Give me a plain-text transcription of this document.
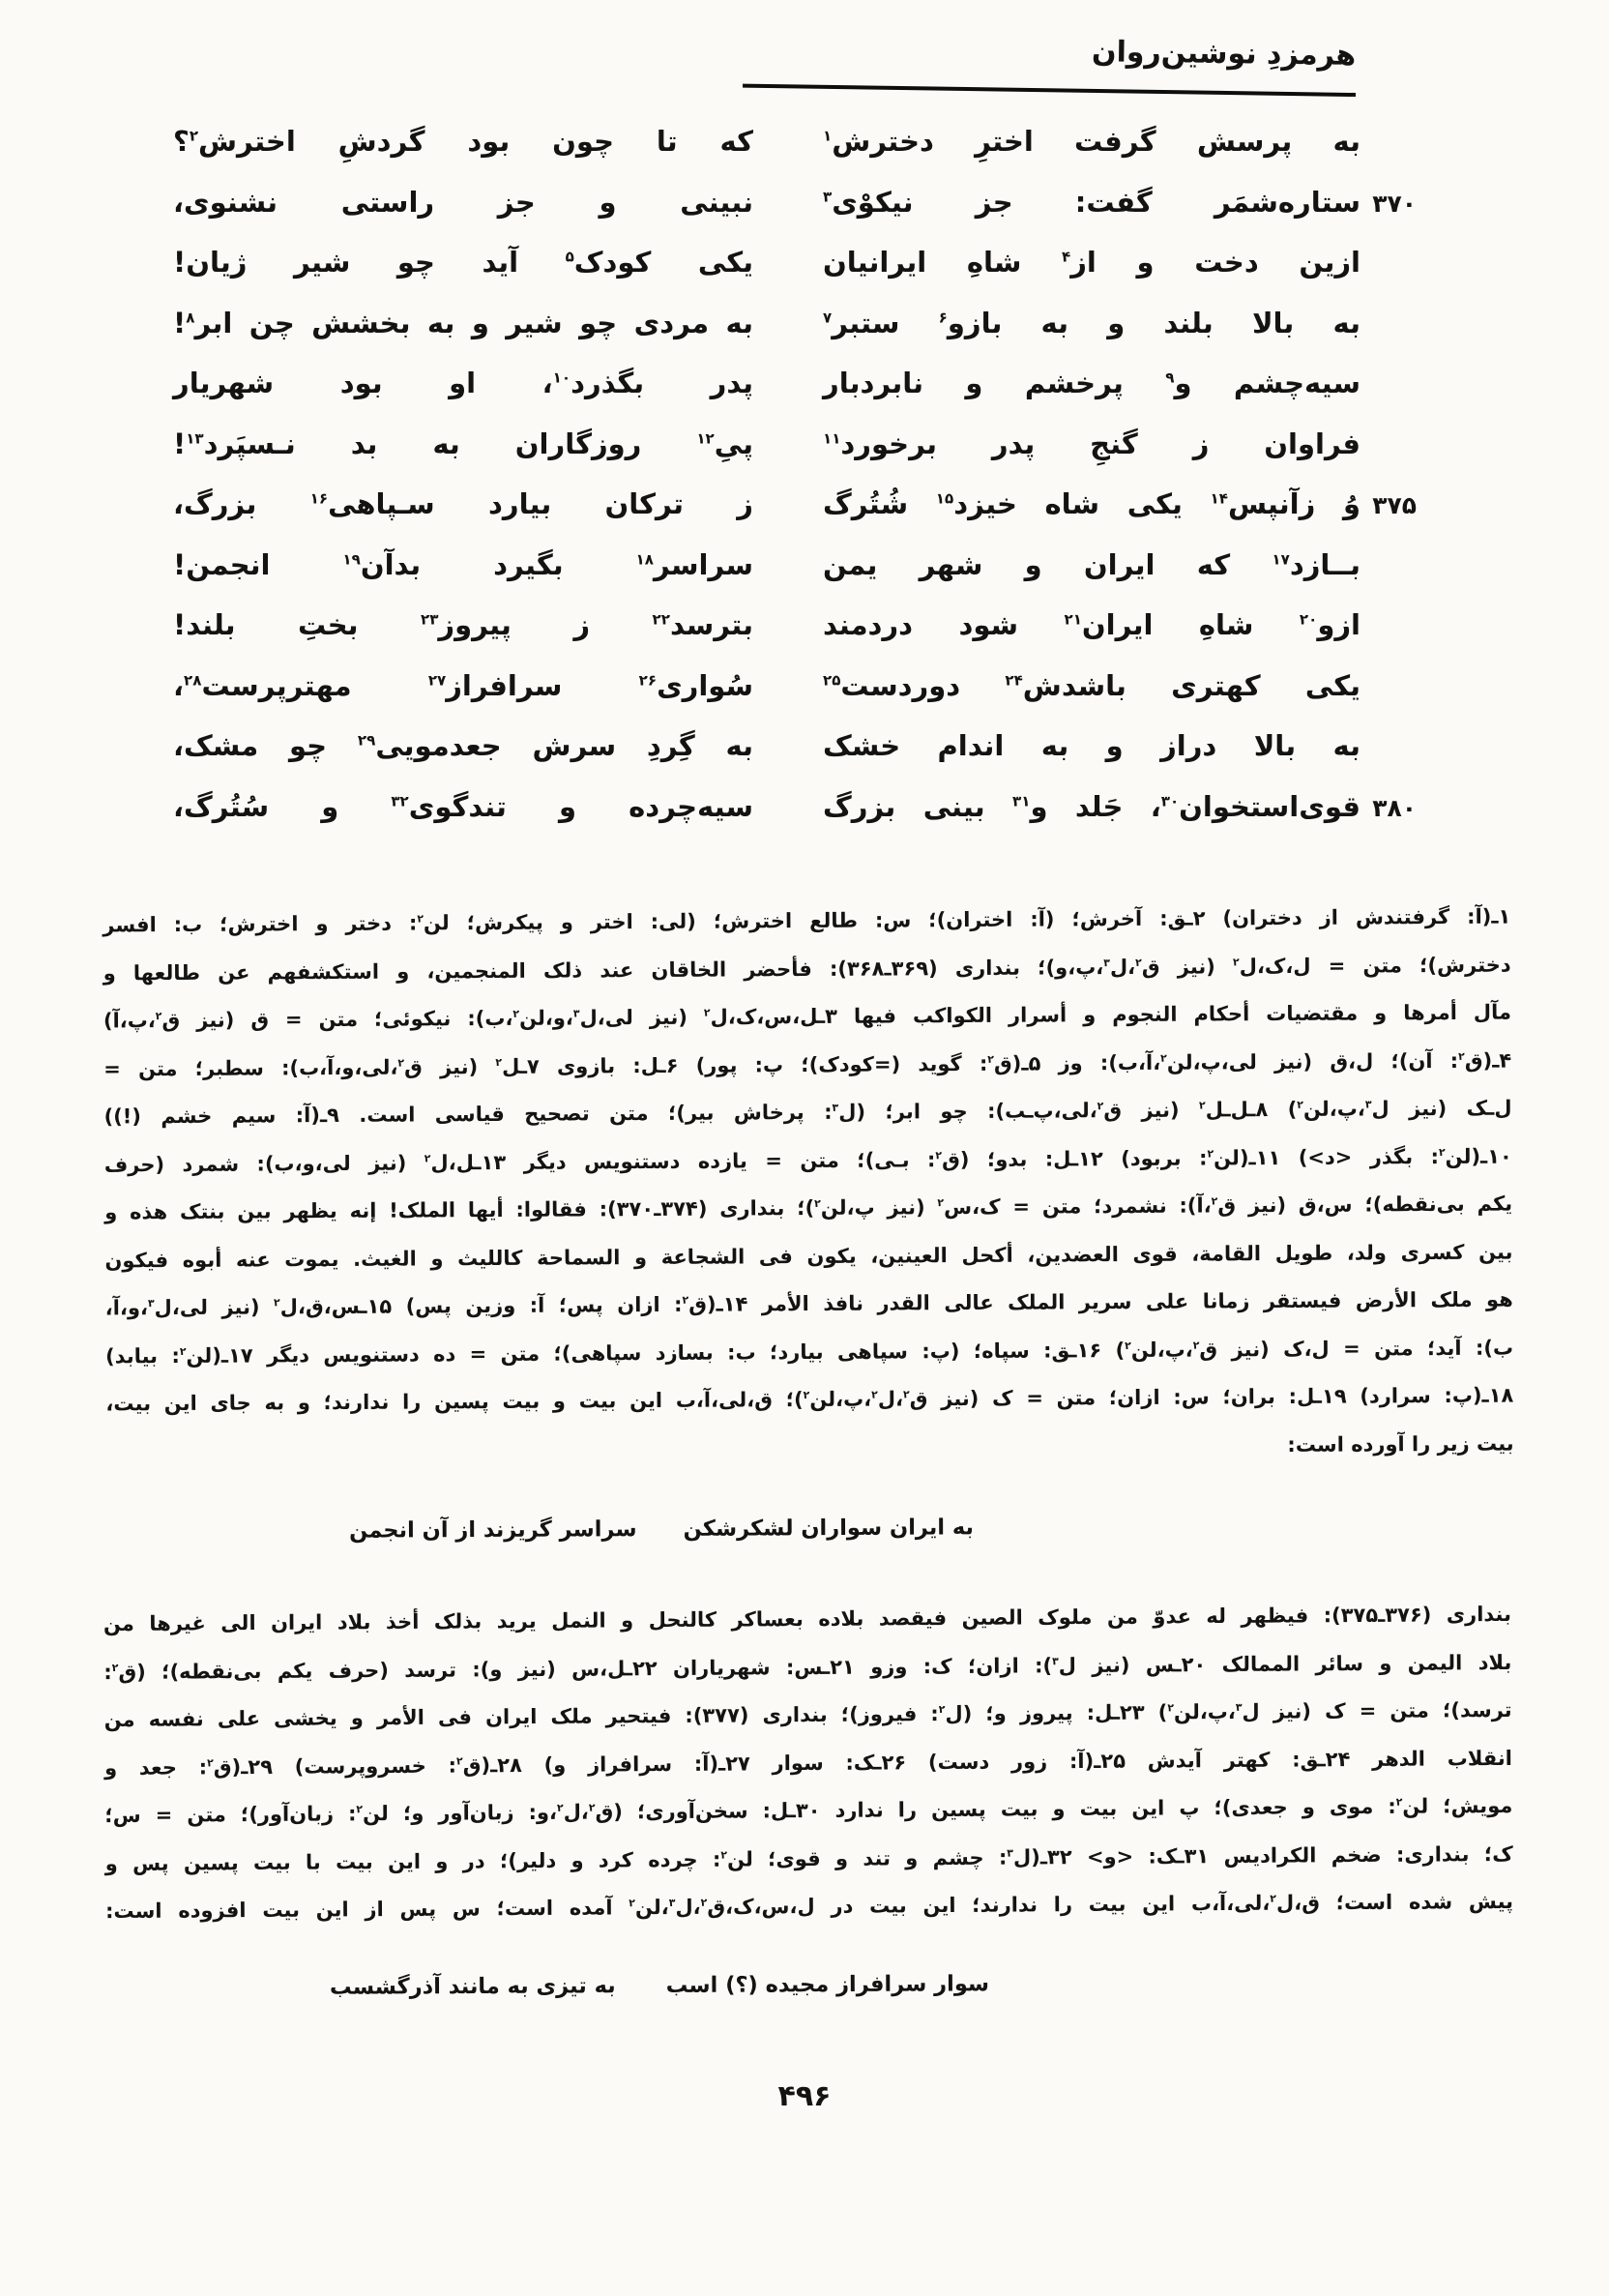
هرمزدِ نوشین‌روان
به پرسش گرفت اخترِ دخترش$^۱$
که تا چون بود گردشِ اخترش$^۲$؟
۳۷۰
ستاره‌شمَر گفت: جز نیکوْی$^۳$
نبینی و جز راستی نشنوی،
ازین دخت و از$^۴$ شاهِ ایرانیان
یکی کودک$^۵$ آید چو شیر ژیان!
به بالا بلند و به بازو$^۶$ ستبر$^۷$
به مردی چو شیر و به بخشش چن ابر$^۸$!
سیه‌چشم و$^۹$ پرخشم و نابردبار
پدر بگذرد$^{۱۰}$، او بود شهریار
فراوان ز گنجِ پدر برخورد$^{۱۱}$
پیِ$^{۱۲}$ روزگاران به بد نـسپَرد$^{۱۳}$!
۳۷۵
وُ زآنپس$^{۱۴}$ یکی شاه خیزد$^{۱۵}$ شُتُرگ
ز ترکان بیارد سـپاهی$^{۱۶}$ بزرگ،
بــازد$^{۱۷}$ که ایران و شهر یمن
سراسر$^{۱۸}$ بگیرد بدآن$^{۱۹}$ انجمن!
ازو$^{۲۰}$ شاهِ ایران$^{۲۱}$ شود دردمند
بترسد$^{۲۲}$ ز پیروز$^{۲۳}$ بختِ بلند!
یکی کهتری باشدش$^{۲۴}$ دوردست$^{۲۵}$
سُواری$^{۲۶}$ سرافراز$^{۲۷}$ مهترپرست$^{۲۸}$،
به بالا دراز و به اندام خشک
به گِردِ سرش جعدمویی$^{۲۹}$ چو مشک،
۳۸۰
قوی‌استخوان$^{۳۰}$، جَلد و$^{۳۱}$ بینی بزرگ
سیه‌چرده و تندگوی$^{۳۲}$ و سُتُرگ،
۱ـ(آ: گرفتندش از دختران) ۲ـق: آخرش؛ (آ: اختران)؛ س: طالع اخترش؛ (لی: اختر و پیکرش؛ لن$^۲$: دختر و اخترش؛ ب: افسر
دخترش)؛ متن = ل،ک،ل$^۲$ (نیز ق$^۲$،ل$^۳$،پ،و)؛ بنداری (۳۶۹ـ۳۶۸): فأحضر الخاقان عند ذلک المنجمین، و استکشفهم عن طالعها و
مآل أمرها و مقتضیات أحکام النجوم و أسرار الکواکب فیها ۳ـل،س،ک،ل$^۲$ (نیز لی،ل$^۳$،و،لن$^۲$،ب): نیکوئی؛ متن = ق (نیز ق$^۲$،پ،آ)
۴ـ(ق$^۲$: آن)؛ ل،ق (نیز لی،پ،لن$^۲$،آ،ب): وز ۵ـ(ق$^۲$: گوید (=کودک)؛ پ: پور) ۶ـل: بازوی ۷ـل$^۲$ (نیز ق$^۲$،لی،و،آ،ب): سطبر؛ متن =
ل‌ـک (نیز ل$^۳$،پ،لن$^۲$) ۸ـل‌ـل$^۲$ (نیز ق$^۲$،لی،پ‌ـب): چو ابر؛ (ل$^۳$: پرخاش بیر)؛ متن تصحیح قیاسی است. ۹ـ(آ: سیم خشم (!))
۱۰ـ(لن$^۲$: بگذر <د>) ۱۱ـ(لن$^۲$: بربود) ۱۲ـل: بدو؛ (ق$^۲$: بـی)؛ متن = یازده دستنویس دیگر ۱۳ـل،ل$^۲$ (نیز لی،و،ب): شمرد (حرف
یکم بی‌نقطه)؛ س،ق (نیز ق$^۲$،آ): نشمرد؛ متن = ک،س$^۲$ (نیز پ،لن$^۲$)؛ بنداری (۳۷۴ـ۳۷۰): فقالوا: أیها الملک! إنه یظهر بین بنتک هذه و
بین کسری ولد، طویل القامة، قوی العضدین، أکحل العینین، یکون فی الشجاعة و السماحة کاللیث و الغیث. یموت عنه أبوه فیکون
هو ملک الأرض فیستقر زمانا علی سریر الملک عالی القدر نافذ الأمر ۱۴ـ(ق$^۲$: ازان پس؛ آ: وزین پس) ۱۵ـس،ق،ل$^۲$ (نیز لی،ل$^۳$،و،آ،
ب): آید؛ متن = ل،ک (نیز ق$^۲$،پ،لن$^۲$) ۱۶ـق: سپاه؛ (پ: سپاهی بیارد؛ ب: بسازد سپاهی)؛ متن = ده دستنویس دیگر ۱۷ـ(لن$^۲$: بیابد)
۱۸ـ(پ: سرارد) ۱۹ـل: بران؛ س: ازان؛ متن = ک (نیز ق$^۲$،ل$^۲$،پ،لن$^۲$)؛ ق،لی،آ،ب این بیت و بیت پسین را ندارند؛ و به جای این بیت،
بیت زیر را آورده است:
به ایران سواران لشکرشکن
سراسر گریزند از آن انجمن
بنداری (۳۷۶ـ۳۷۵): فیظهر له عدوّ من ملوک الصین فیقصد بلاده بعساکر کالنحل و النمل یرید بذلک أخذ بلاد ایران الی غیرها من
بلاد الیمن و سائر الممالک ۲۰ـس (نیز ل$^۳$): ازان؛ ک: وزو ۲۱ـس: شهریاران ۲۲ـل،س (نیز و): ترسد (حرف یکم بی‌نقطه)؛ (ق$^۲$:
ترسد)؛ متن = ک (نیز ل$^۳$،پ،لن$^۲$) ۲۳ـل: پیروز و؛ (ل$^۲$: فیروز)؛ بنداری (۳۷۷): فیتحیر ملک ایران فی الأمر و یخشی علی نفسه من
انقلاب الدهر ۲۴ـق: کهتر آیدش ۲۵ـ(آ: زور دست) ۲۶ـک: سوار ۲۷ـ(آ: سرافراز و) ۲۸ـ(ق$^۲$: خسروپرست) ۲۹ـ(ق$^۲$: جعد و
مویش؛ لن$^۲$: موی و جعدی)؛ پ این بیت و بیت پسین را ندارد ۳۰ـل: سخن‌آوری؛ (ق$^۲$،ل$^۲$،و: زبان‌آور و؛ لن$^۲$: زبان‌آور)؛ متن = س؛
ک؛ بنداری: ضخم الکرادیس ۳۱ـک: <و> ۳۲ـ(ل$^۳$: چشم و تند و قوی؛ لن$^۲$: چرده کرد و دلیر)؛ در و این بیت با بیت پسین پس و
پیش شده است؛ ق،ل$^۲$،لی،آ،ب این بیت را ندارند؛ این بیت در ل،س،ک،ق$^۲$،ل$^۳$،لن$^۲$ آمده است؛ س پس از این بیت افزوده است:
سوار سرافراز مجیده (؟) اسب
به تیزی به مانند آذرگشسب
۴۹۶
